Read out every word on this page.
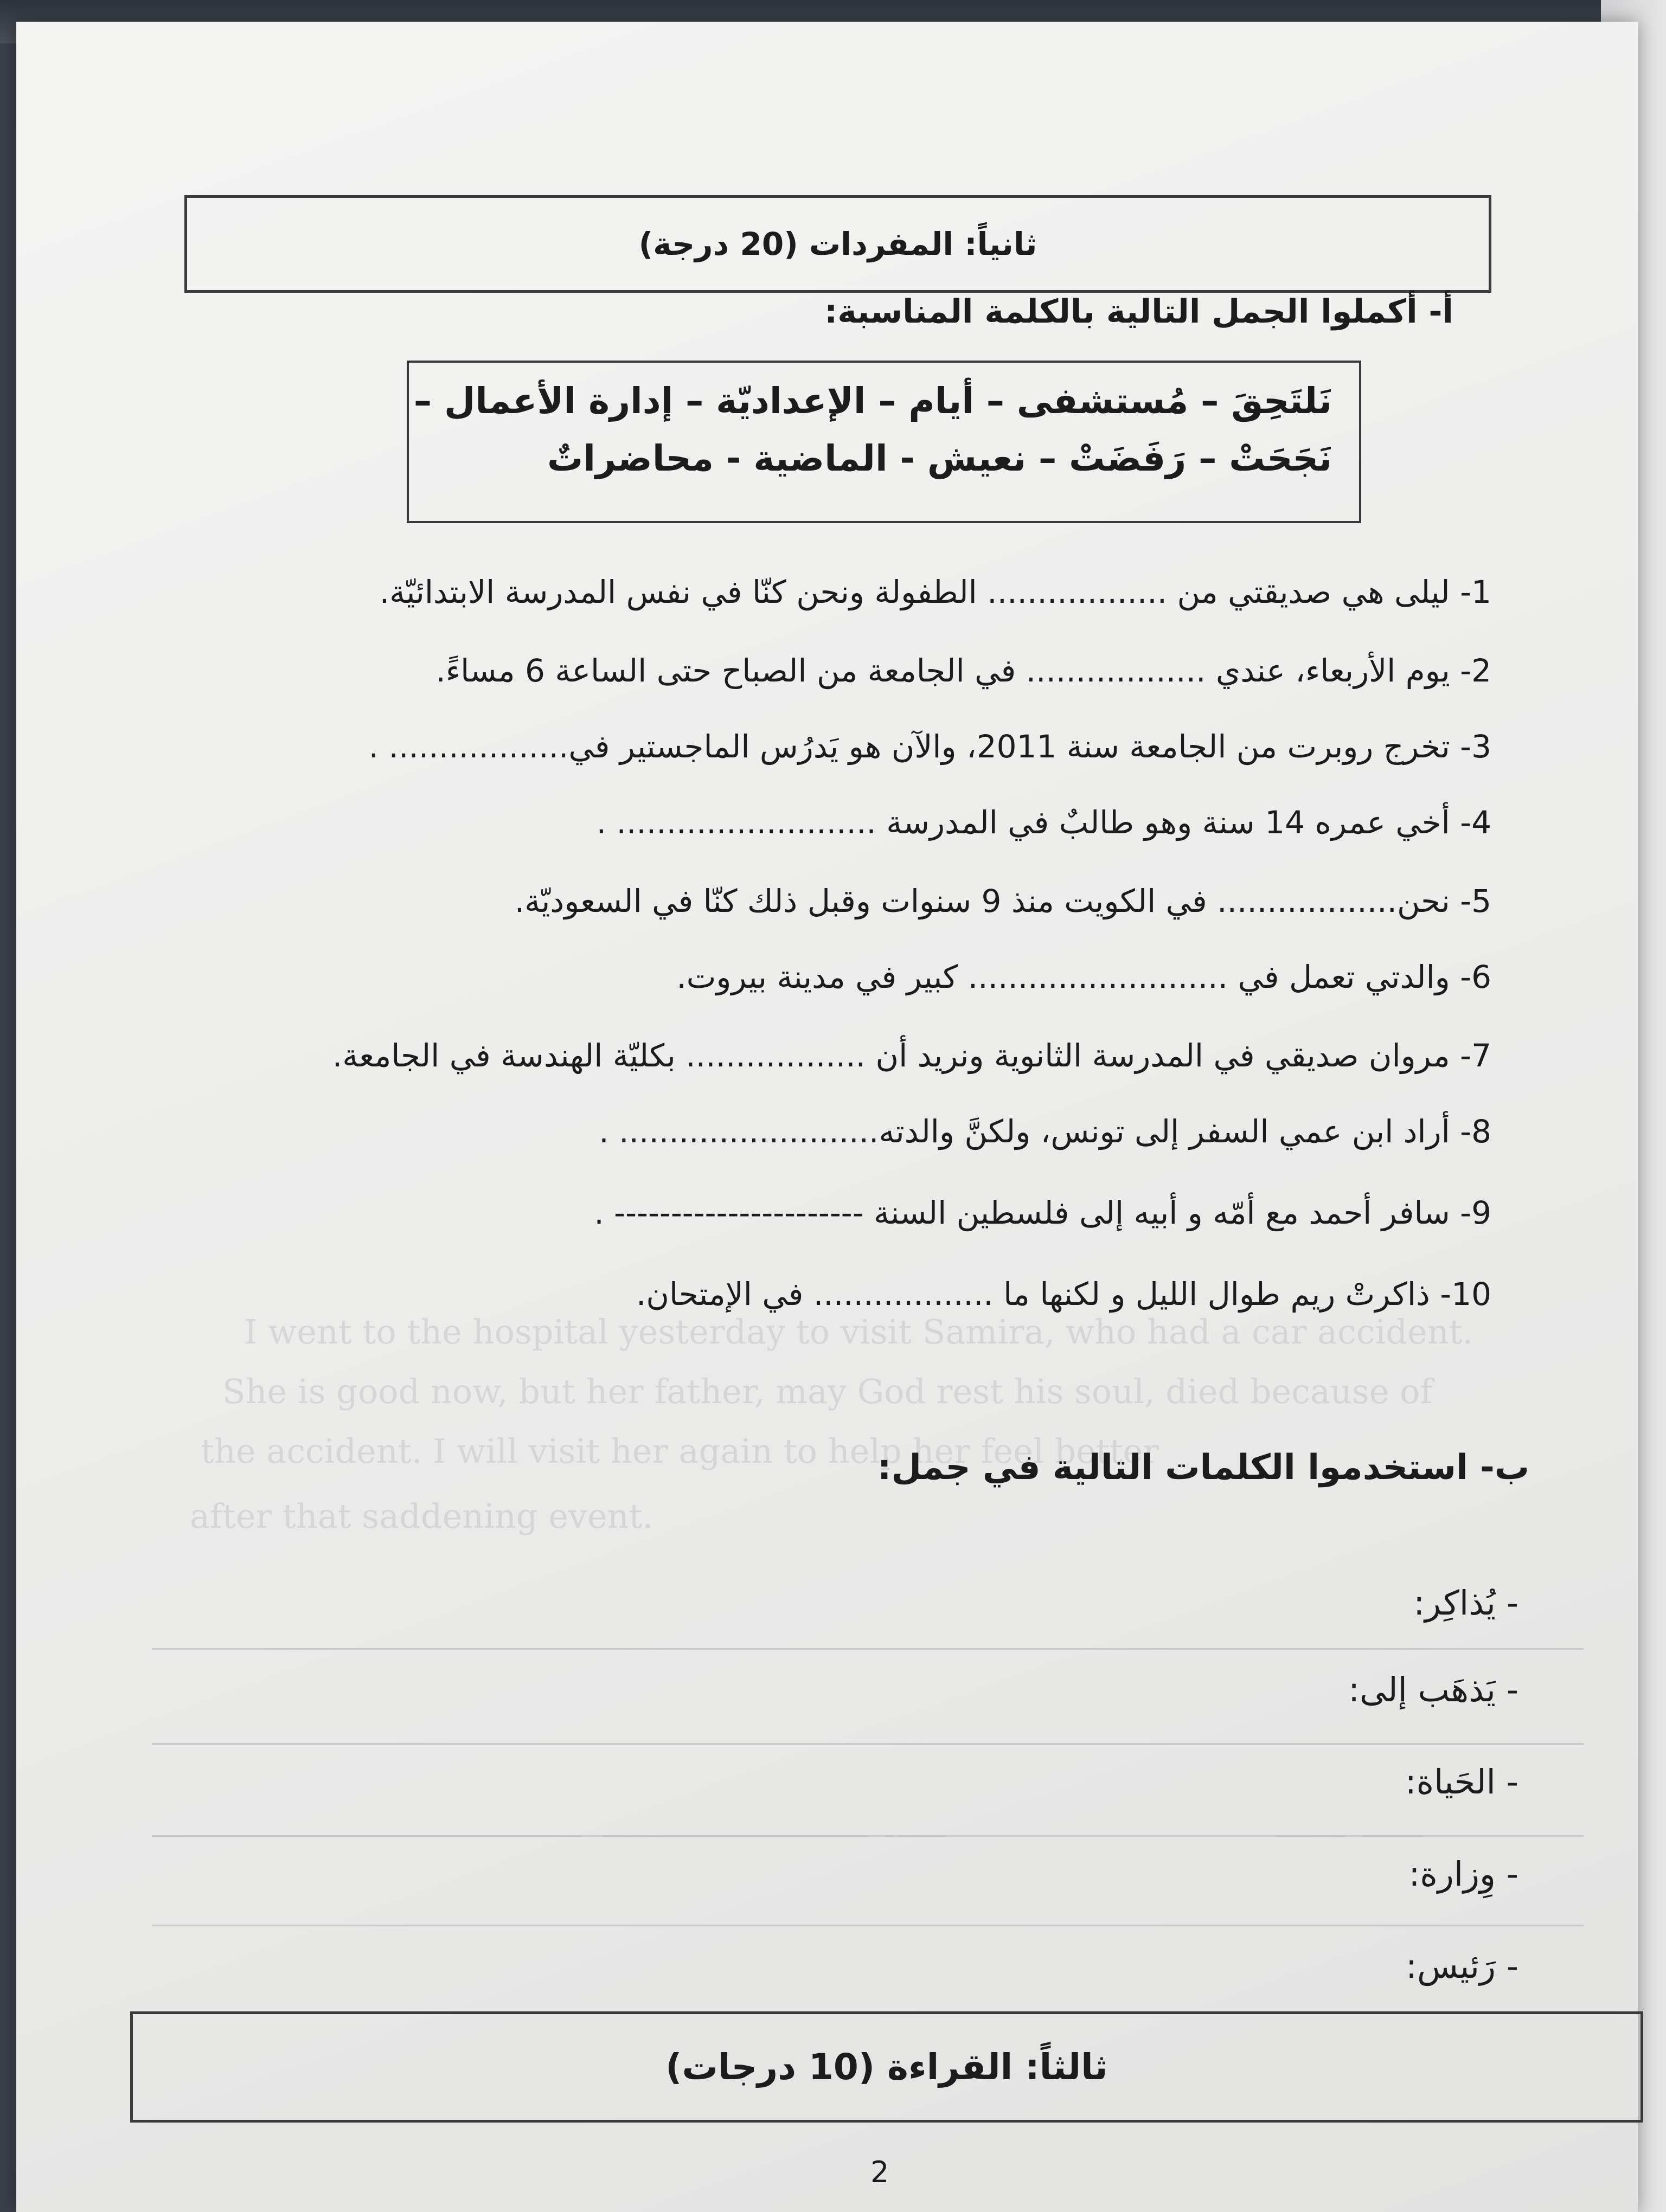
I went to the hospital yesterday to visit Samira, who had a car accident.
She is good now, but her father, may God rest his soul, died because of
the accident. I will visit her again to help her feel better
after that saddening event.
ثانياً: المفردات (20 درجة)
أ- أكملوا الجمل التالية بالكلمة المناسبة:
نَلتَحِقَ – مُستشفى – أيام – الإعداديّة – إدارة الأعمال –
نَجَحَتْ – رَفَضَتْ – نعيش - الماضية - محاضراتٌ
1- ليلى هي صديقتي من .................. الطفولة ونحن كنّا في نفس المدرسة الابتدائيّة.
2- يوم الأربعاء، عندي .................. في الجامعة من الصباح حتى الساعة 6 مساءً.
3- تخرج روبرت من الجامعة سنة 2011، والآن هو يَدرُس الماجستير في.................. .
4- أخي عمره 14 سنة وهو طالبٌ في المدرسة .......................... .
5- نحن.................. في الكويت منذ 9 سنوات وقبل ذلك كنّا في السعوديّة.
6- والدتي تعمل في .......................... كبير في مدينة بيروت.
7- مروان صديقي في المدرسة الثانوية ونريد أن .................. بكليّة الهندسة في الجامعة.
8- أراد ابن عمي السفر إلى تونس، ولكنَّ والدته.......................... .
9- سافر أحمد مع أمّه و أبيه إلى فلسطين السنة ---------------------- .
10- ذاكرتْ ريم طوال الليل و لكنها ما .................. في الإمتحان.
ب- استخدموا الكلمات التالية في جمل:
- يُذاكِر:
- يَذهَب إلى:
- الحَياة:
- وِزارة:
- رَئيس:
ثالثاً: القراءة (10 درجات)
2
